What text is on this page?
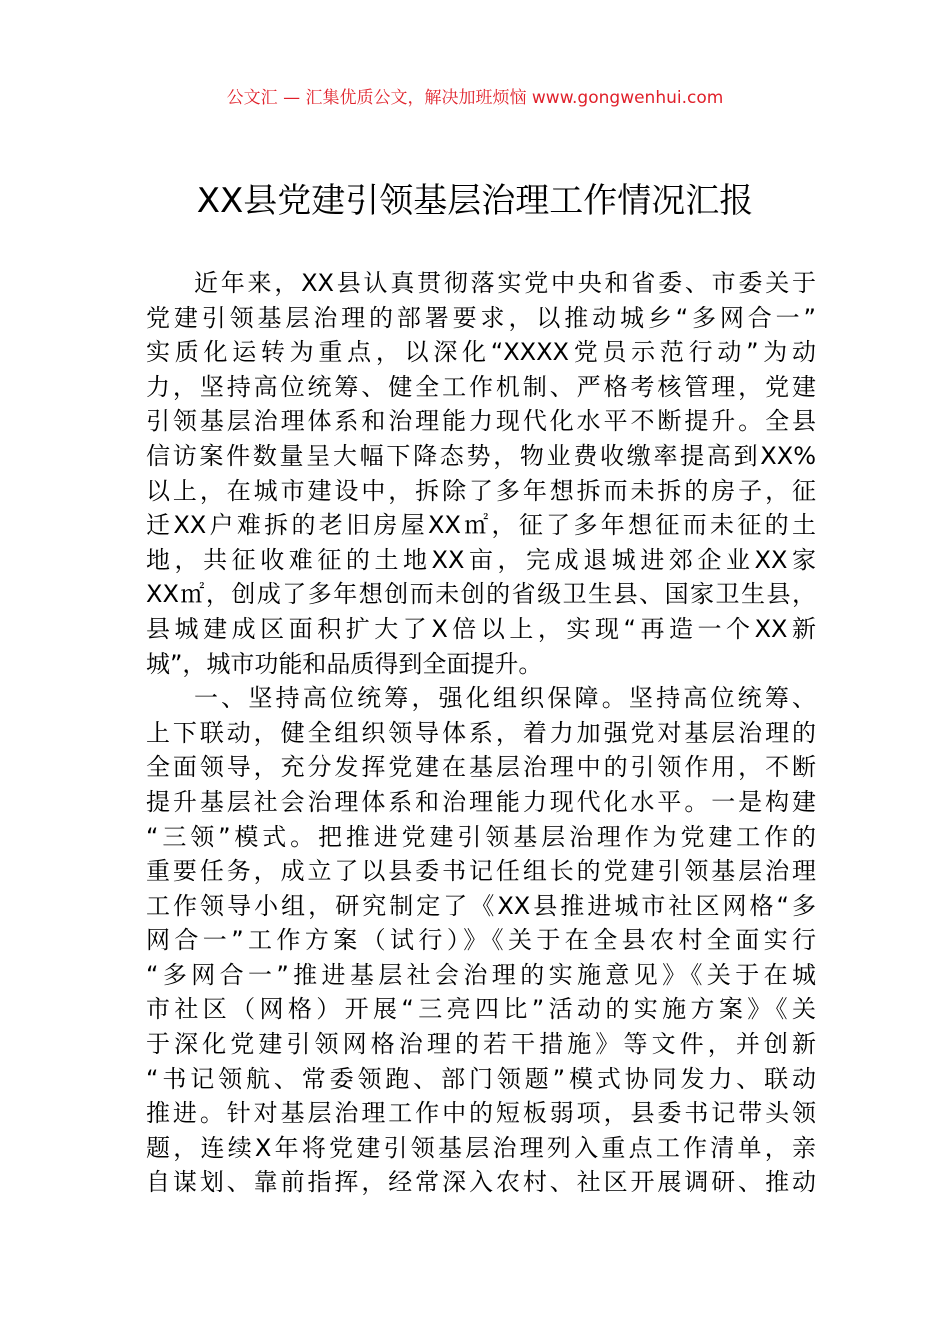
公文汇 — 汇集优质公文，解决加班烦恼 www.gongwenhui.com
XX县党建引领基层治理工作情况汇报
近年来，XX县认真贯彻落实党中央和省委、市委关于
党建引领基层治理的部署要求，以推动城乡“多网合一”
实质化运转为重点，以深化“XXXX党员示范行动”为动
力，坚持高位统筹、健全工作机制、严格考核管理，党建
引领基层治理体系和治理能力现代化水平不断提升。全县
信访案件数量呈大幅下降态势，物业费收缴率提高到XX%
以上，在城市建设中，拆除了多年想拆而未拆的房子，征
迁XX户难拆的老旧房屋XX㎡，征了多年想征而未征的土
地，共征收难征的土地XX亩，完成退城进郊企业XX家
XX㎡，创成了多年想创而未创的省级卫生县、国家卫生县，
县城建成区面积扩大了X倍以上，实现“再造一个XX新
城”，城市功能和品质得到全面提升。
一、坚持高位统筹，强化组织保障。坚持高位统筹、
上下联动，健全组织领导体系，着力加强党对基层治理的
全面领导，充分发挥党建在基层治理中的引领作用，不断
提升基层社会治理体系和治理能力现代化水平。一是构建
“三领”模式。把推进党建引领基层治理作为党建工作的
重要任务，成立了以县委书记任组长的党建引领基层治理
工作领导小组，研究制定了《XX县推进城市社区网格“多
网合一”工作方案（试行）》《关于在全县农村全面实行
“多网合一”推进基层社会治理的实施意见》《关于在城
市社区（网格）开展“三亮四比”活动的实施方案》《关
于深化党建引领网格治理的若干措施》等文件，并创新
“书记领航、常委领跑、部门领题”模式协同发力、联动
推进。针对基层治理工作中的短板弱项，县委书记带头领
题，连续X年将党建引领基层治理列入重点工作清单，亲
自谋划、靠前指挥，经常深入农村、社区开展调研、推动
